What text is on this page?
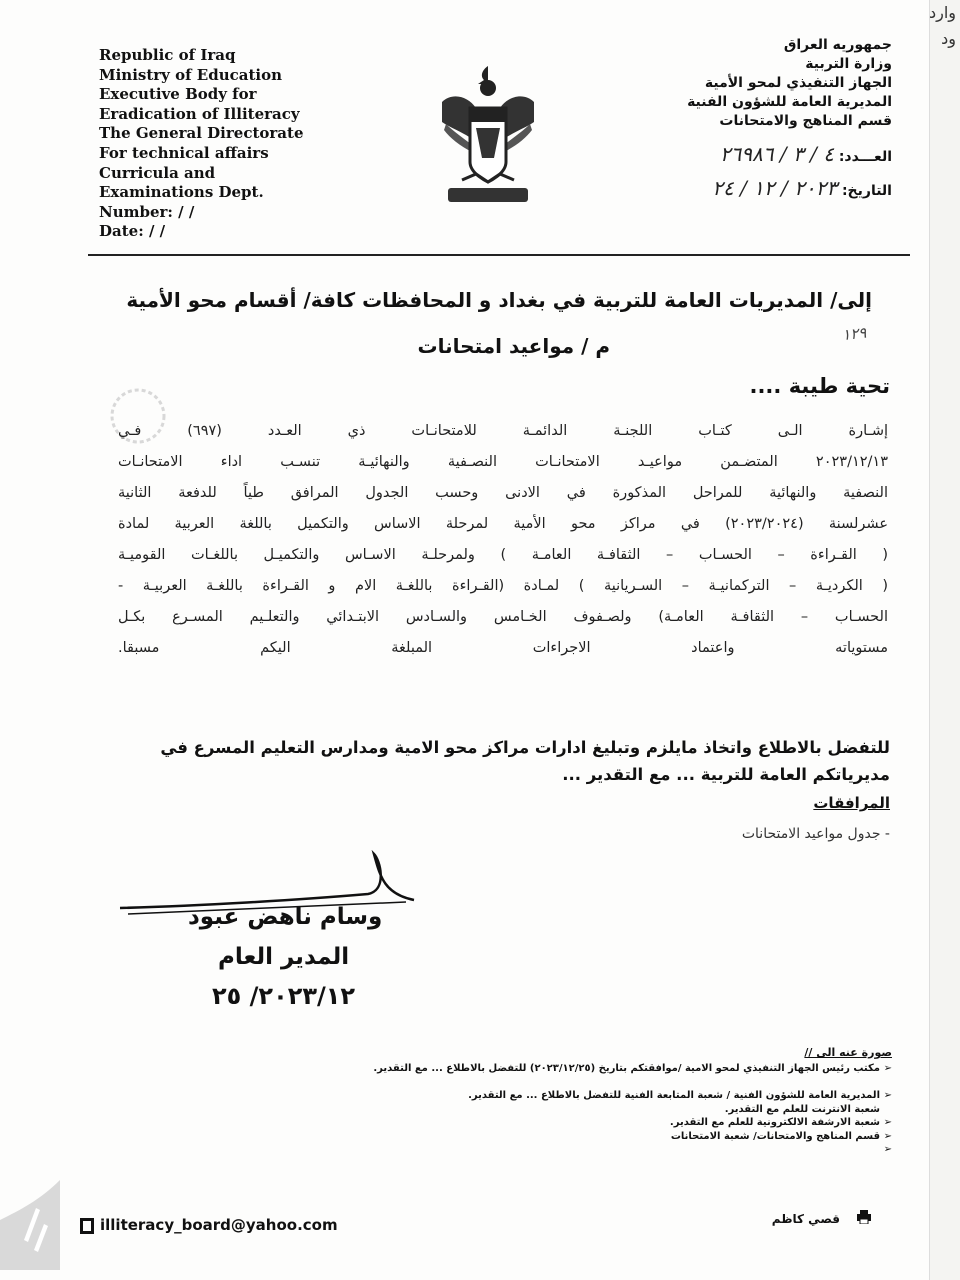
وارد
ود
Republic of Iraq
Ministry of Education
Executive Body for
Eradication of Illiteracy
The General Directorate
For technical affairs
Curricula and
Examinations Dept.
Number: / /
Date: / /
جمهوريه العراق
وزارة التربية
الجهاز التنفيذي لمحو الأمية
المديرية العامة للشؤون الفنية
قسم المناهج والامتحانات
العـــدد: ٤ / ٣ / ٢٦٩٨٦
التاريخ: ٢٠٢٣ / ١٢ / ٢٤
١٢٩
إلى/ المديريات العامة للتربية في بغداد و المحافظات كافة/ أقسام محو الأمية
م / مواعيد امتحانات
تحية طيبة ....
إشـارة الـى كتـاب اللجنـة الدائمـة للامتحانـات ذي العـدد (٦٩٧) فـي
٢٠٢٣/١٢/١٣ المتضـمن مواعيـد الامتحانـات النصـفية والنهائيـة تنسـب اداء الامتحانـات
النصفية والنهائية للمراحل المذكورة في الادنى وحسب الجدول المرافق طياً للدفعة الثانية
عشرلسنة (٢٠٢٣/٢٠٢٤) في مراكز محو الأمية لمرحلة الاساس والتكميل باللغة العربية لمادة
( القـراءة – الحسـاب – الثقافـة العامـة ) ولمرحلـة الاسـاس والتكميـل باللغـات القوميـة
( الكرديـة – التركمانيـة – السـريانية ) لمـادة (القـراءة باللغـة الام و القـراءة باللغـة العربيـة -
الحسـاب – الثقافـة العامـة) ولصـفوف الخـامس والسـادس الابتـدائي والتعلـيم المسـرع بكـل
مستوياته واعتماد الاجراءات المبلغة اليكم مسبقا.
للتفضل بالاطلاع واتخاذ مايلزم وتبليغ ادارات مراكز محو الامية ومدارس التعليم المسرع في
مديرياتكم العامة للتربية ... مع التقدير ...
المرافقات
- جدول مواعيد الامتحانات
وسام ناهض عبود
المدير العام
٢٠٢٣/١٢/ ٢٥
صورة عنه الى //
➢مكتب رئيس الجهاز التنفيذي لمحو الامية /موافقتكم بتاريخ (٢٠٢٣/١٢/٢٥) للتفضل بالاطلاع ... مع التقدير.
➢المديرية العامة للشؤون الفنية / شعبة المتابعة الفنية للتفضل بالاطلاع ... مع التقدير.
شعبة الانترنت للعلم مع التقدير.
➢شعبة الارشفة الالكترونية للعلم مع التقدير.
➢قسم المناهج والامتحانات/ شعبة الامتحانات
➢
illiteracy_board@yahoo.com	قصي كاظم
